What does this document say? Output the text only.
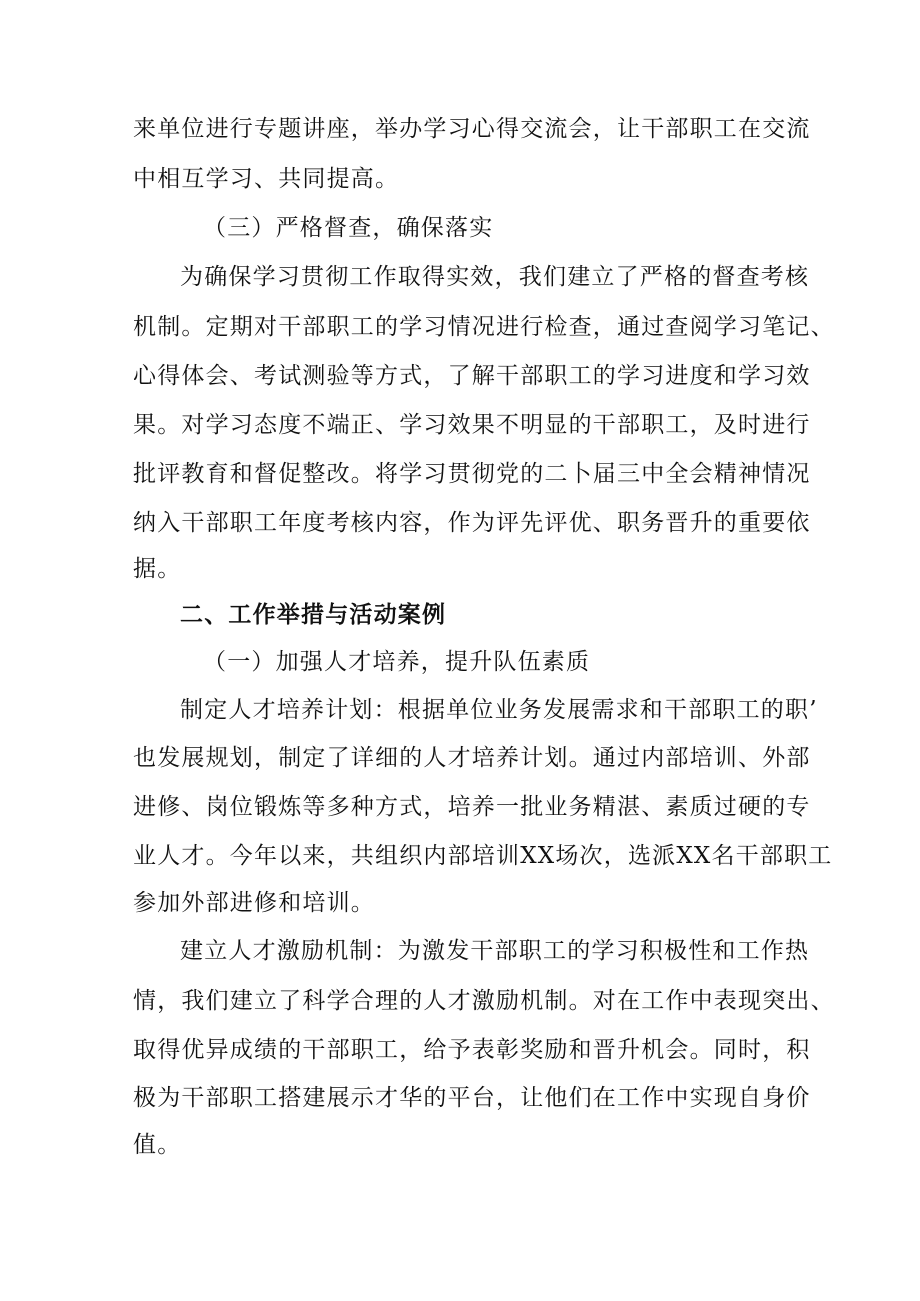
来单位进行专题讲座，举办学习心得交流会，让干部职工在交流
中相互学习、共同提高。
（三）严格督查，确保落实
为确保学习贯彻工作取得实效，我们建立了严格的督查考核
机制。定期对干部职工的学习情况进行检查，通过查阅学习笔记、
心得体会、考试测验等方式，了解干部职工的学习进度和学习效
果。对学习态度不端正、学习效果不明显的干部职工，及时进行
批评教育和督促整改。将学习贯彻党的二卜届三中全会精神情况
纳入干部职工年度考核内容，作为评先评优、职务晋升的重要依
据。
二、工作举措与活动案例
（一）加强人才培养，提升队伍素质
制定人才培养计划：根据单位业务发展需求和干部职工的职’
也发展规划，制定了详细的人才培养计划。通过内部培训、外部
进修、岗位锻炼等多种方式，培养一批业务精湛、素质过硬的专
业人才。今年以来，共组织内部培训XX场次，选派XX名干部职工
参加外部进修和培训。
建立人才激励机制：为激发干部职工的学习积极性和工作热
情，我们建立了科学合理的人才激励机制。对在工作中表现突出、
取得优异成绩的干部职工，给予表彰奖励和晋升机会。同时，积
极为干部职工搭建展示才华的平台，让他们在工作中实现自身价
值。
